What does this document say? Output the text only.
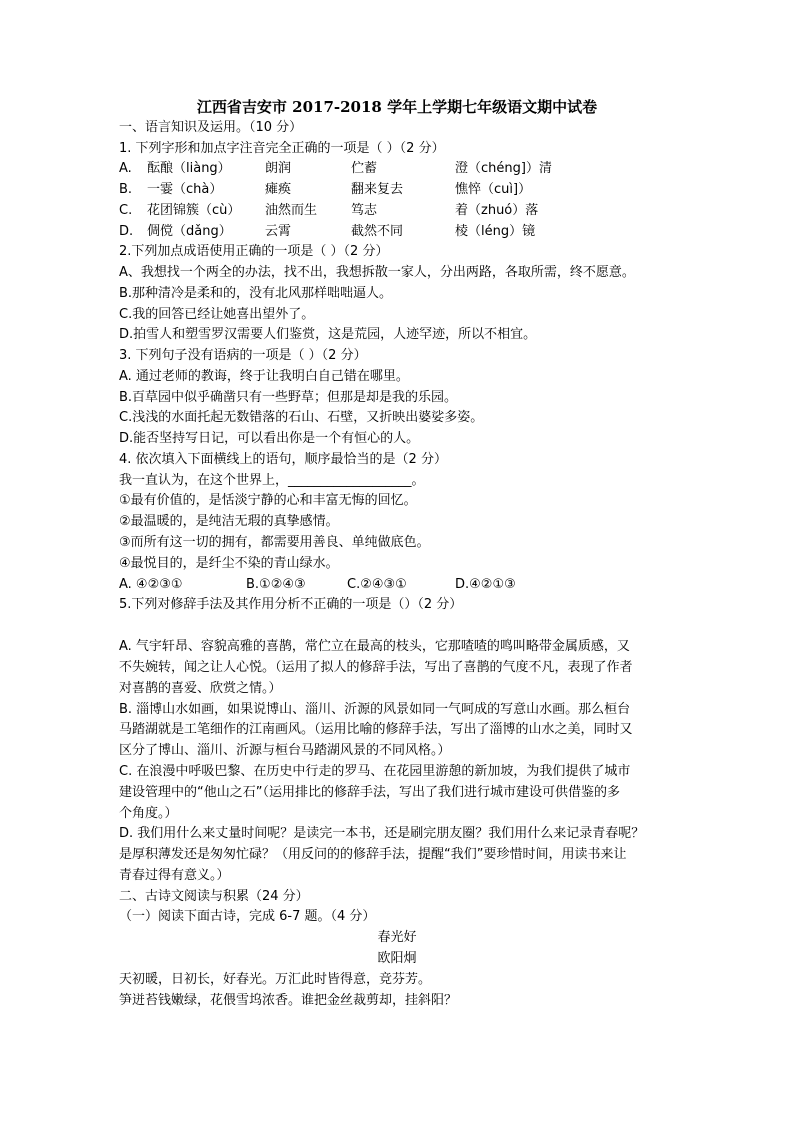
江西省吉安市 2017-2018 学年上学期七年级语文期中试卷

一、语言知识及运用。（10 分）

1. 下列字形和加点字注音完全正确的一项是（ ）（2 分）

A. 酝酿（liàng）	朗润	伫蓄	澄（chéng]）清
B. 一霎（chà）	瘫痪	翻来复去	憔悴（cuì]）
C. 花团锦簇（cù） 油然而生	笃志	着（zhuó）落
D. 倜傥（dǎng）	云霄	截然不同	棱（léng）镜

2.下列加点成语使用正确的一项是（ ）（2 分）

A、我想找一个两全的办法，找不出，我想拆散一家人，分出两路，各取所需，终不愿意。

B.那种清冷是柔和的，没有北风那样咄咄逼人。

C.我的回答已经让她喜出望外了。

D.拍雪人和塑雪罗汉需要人们鉴赏，这是荒园，人迹罕迹，所以不相宜。

3. 下列句子没有语病的一项是（ ）（2 分）

A. 通过老师的教诲，终于让我明白自己错在哪里。

B.百草园中似乎确凿只有一些野草；但那是却是我的乐园。

C.浅浅的水面托起无数错落的石山、石壁，又折映出婆娑多姿。

D.能否坚持写日记，可以看出你是一个有恒心的人。

4. 依次填入下面横线上的语句，顺序最恰当的是（2 分）

我一直认为，在这个世界上，___________________。

①最有价值的，是恬淡宁静的心和丰富无悔的回忆。

②最温暖的，是纯洁无瑕的真挚感情。

③而所有这一切的拥有，都需要用善良、单纯做底色。

④最悦目的，是纤尘不染的青山绿水。

A. ④②③①	B.①②④③	C.②④③①	D.④②①③

5.下列对修辞手法及其作用分析不正确的一项是（）（2 分）

A. 气宇轩昂、容貌高雅的喜鹊，常伫立在最高的枝头，它那喳喳的鸣叫略带金属质感，又

不失婉转，闻之让人心悦。（运用了拟人的修辞手法，写出了喜鹊的气度不凡，表现了作者

对喜鹊的喜爱、欣赏之情。）

B. 淄博山水如画，如果说博山、淄川、沂源的风景如同一气呵成的写意山水画。那么桓台

马踏湖就是工笔细作的江南画风。（运用比喻的修辞手法，写出了淄博的山水之美，同时又

区分了博山、淄川、沂源与桓台马踏湖风景的不同风格。）

C. 在浪漫中呼吸巴黎、在历史中行走的罗马、在花园里游憩的新加坡，为我们提供了城市

建设管理中的“他山之石”（运用排比的修辞手法，写出了我们进行城市建设可供借鉴的多

个角度。）

D. 我们用什么来丈量时间呢？是读完一本书，还是刷完朋友圈？我们用什么来记录青春呢？

是厚积薄发还是匆匆忙碌？（用反问的的修辞手法，提醒“我们”要珍惜时间，用读书来让

青春过得有意义。）

二、古诗文阅读与积累（24 分）

（一）阅读下面古诗，完成 6-7 题。（4 分）

春光好
欧阳炯

天初暖，日初长，好春光。万汇此时皆得意，竞芬芳。

笋迸苔钱嫩绿，花偎雪坞浓香。谁把金丝裁剪却，挂斜阳？
